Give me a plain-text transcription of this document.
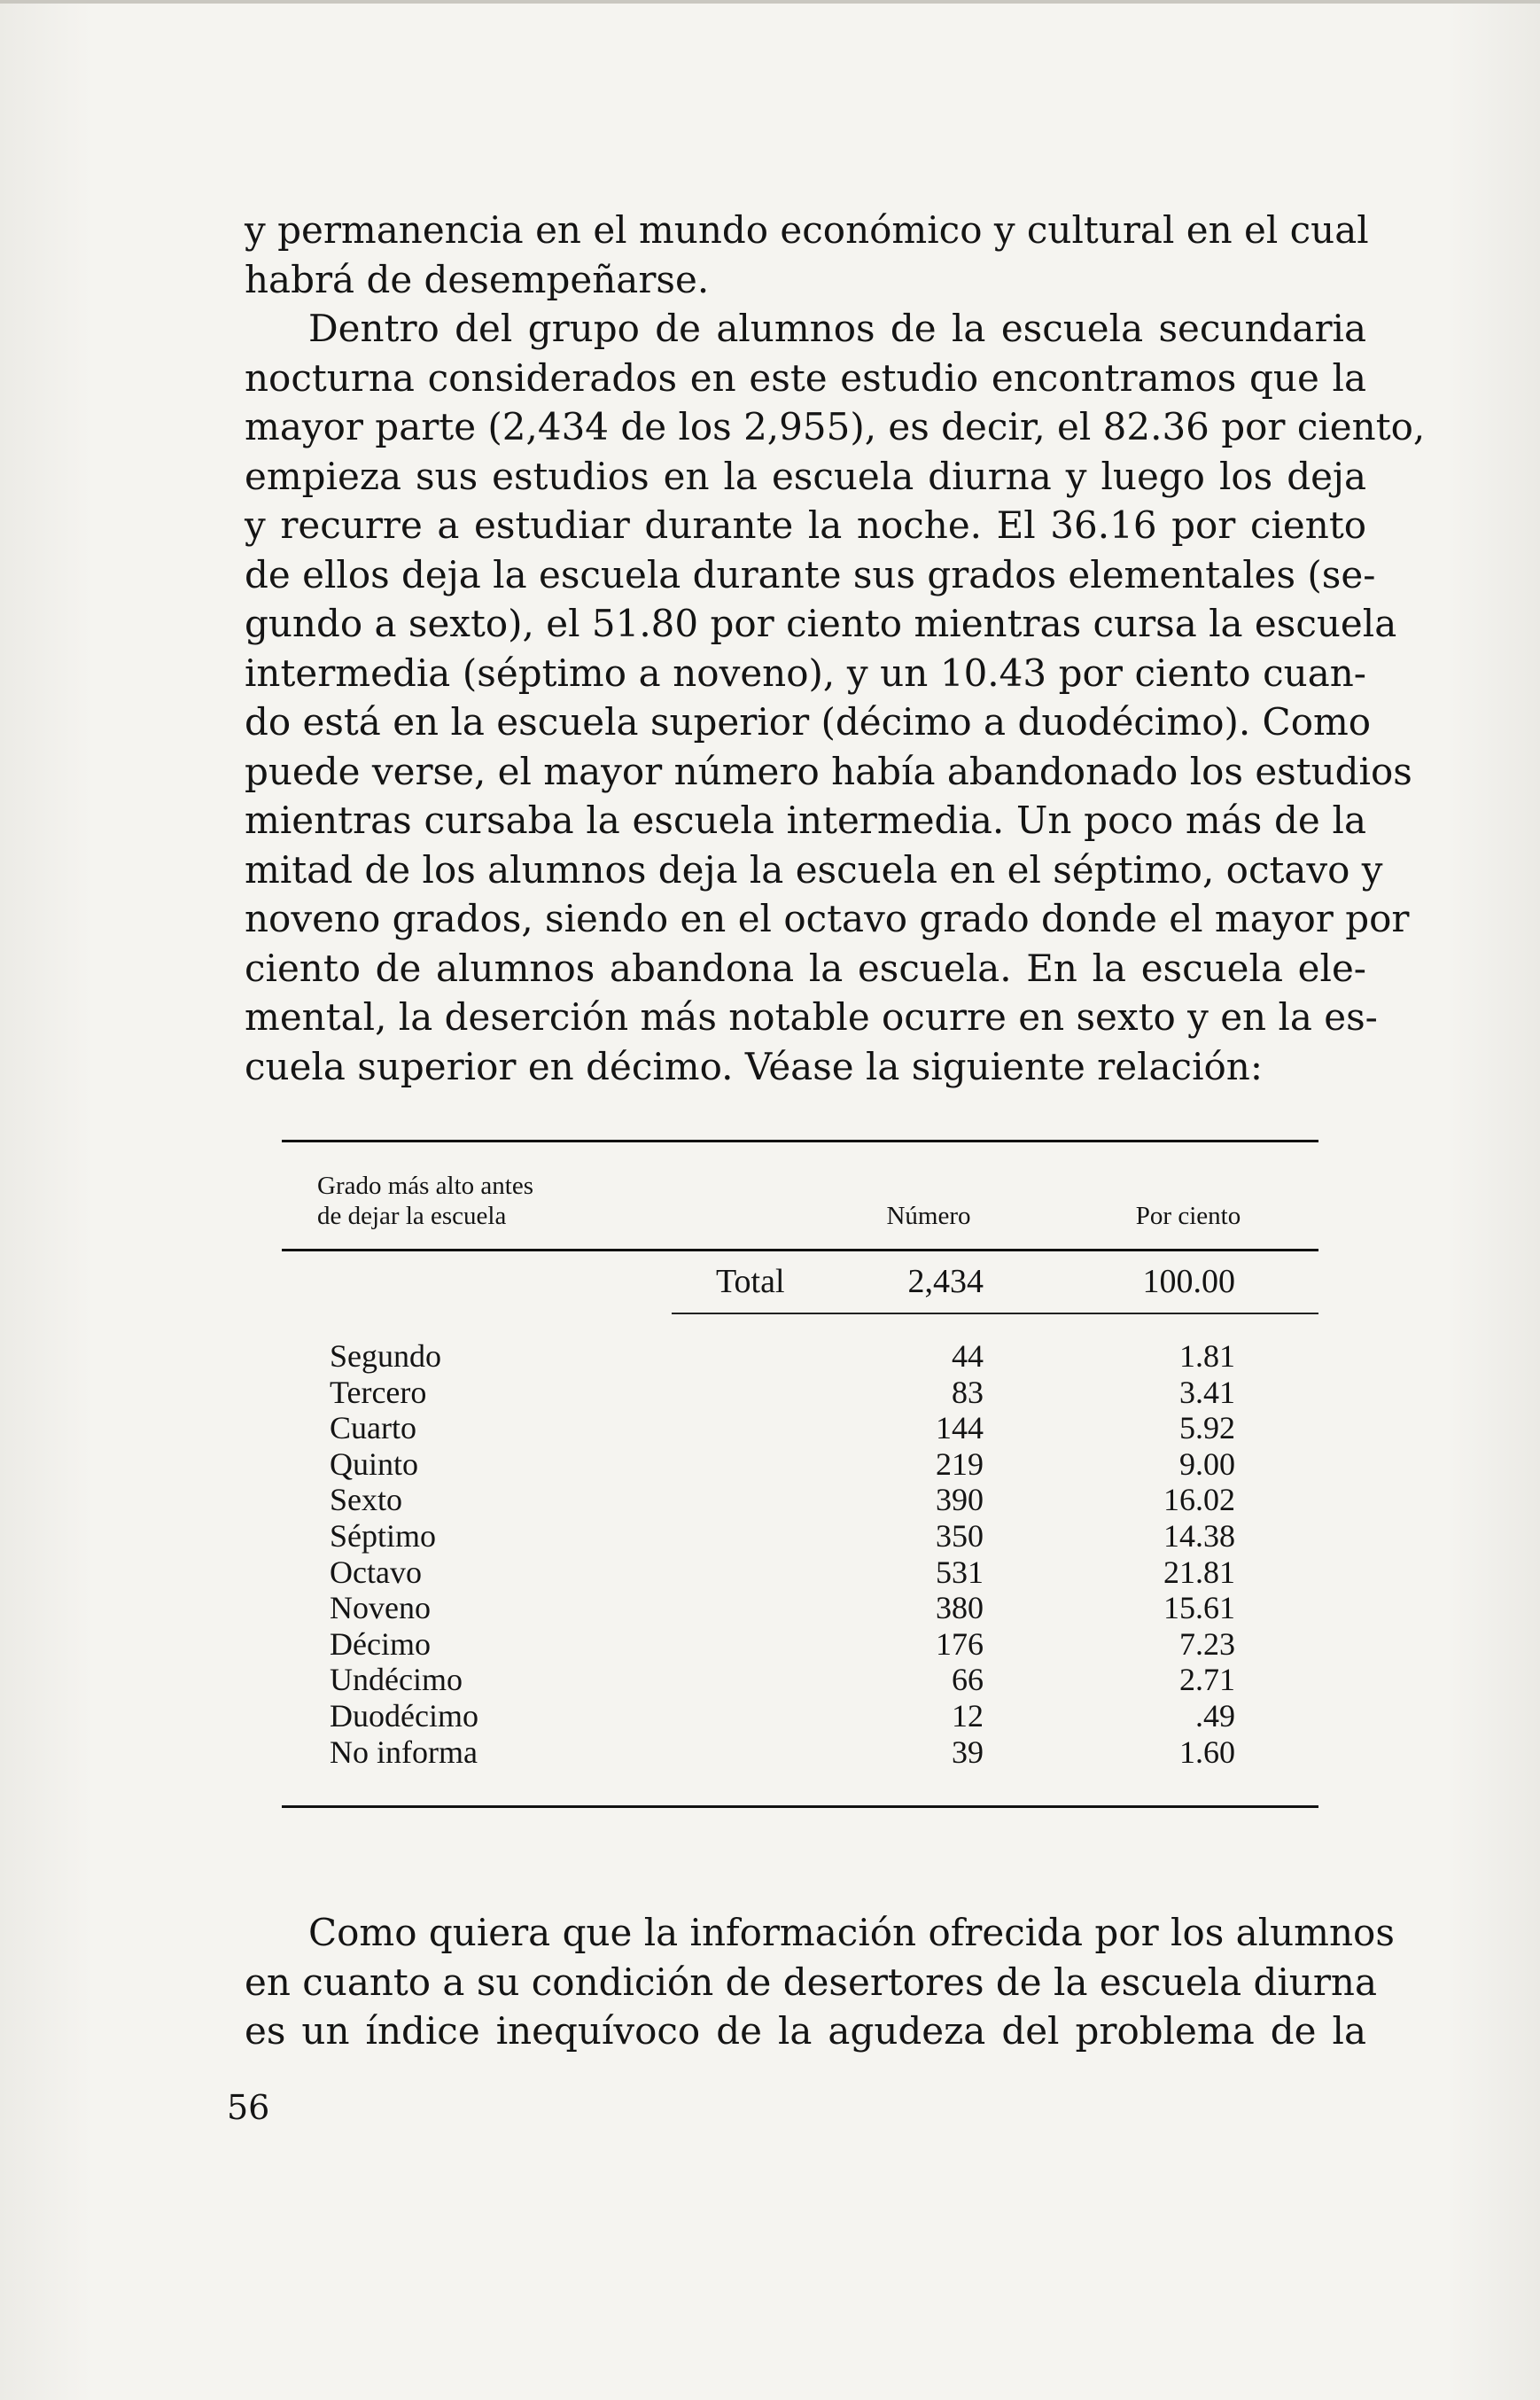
y permanencia en el mundo económico y cultural en el cual
habrá de desempeñarse.
Dentro del grupo de alumnos de la escuela secundaria
nocturna considerados en este estudio encontramos que la
mayor parte (2,434 de los 2,955), es decir, el 82.36 por ciento,
empieza sus estudios en la escuela diurna y luego los deja
y recurre a estudiar durante la noche. El 36.16 por ciento
de ellos deja la escuela durante sus grados elementales (se-
gundo a sexto), el 51.80 por ciento mientras cursa la escuela
intermedia (séptimo a noveno), y un 10.43 por ciento cuan-
do está en la escuela superior (décimo a duodécimo). Como
puede verse, el mayor número había abandonado los estudios
mientras cursaba la escuela intermedia. Un poco más de la
mitad de los alumnos deja la escuela en el séptimo, octavo y
noveno grados, siendo en el octavo grado donde el mayor por
ciento de alumnos abandona la escuela. En la escuela ele-
mental, la deserción más notable ocurre en sexto y en la es-
cuela superior en décimo. Véase la siguiente relación:

Grado más alto antes
de dejar la escuela	Número	Por ciento
Total	2,434	100.00
Segundo	44	1.81
Tercero	83	3.41
Cuarto	144	5.92
Quinto	219	9.00
Sexto	390	16.02
Séptimo	350	14.38
Octavo	531	21.81
Noveno	380	15.61
Décimo	176	7.23
Undécimo	66	2.71
Duodécimo	12	.49
No informa	39	1.60

Como quiera que la información ofrecida por los alumnos
en cuanto a su condición de desertores de la escuela diurna
es un índice inequívoco de la agudeza del problema de la

56
